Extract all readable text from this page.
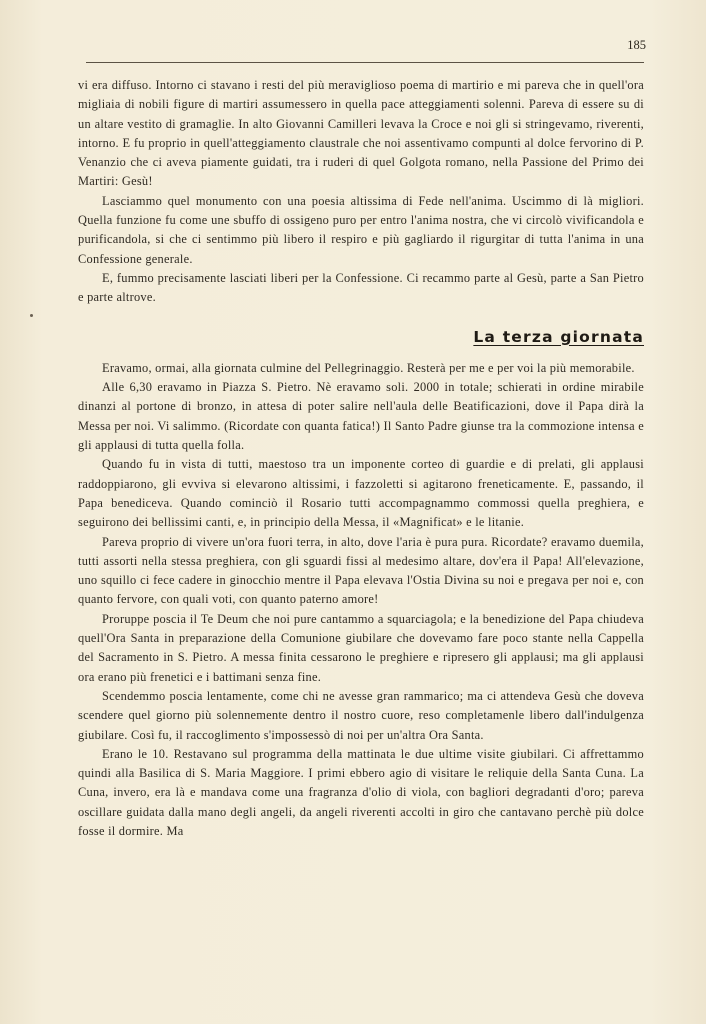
185

vi era diffuso. Intorno ci stavano i resti del più meraviglioso poema di martirio e mi pareva che in quell'ora migliaia di nobili figure di martiri assumessero in quella pace atteggiamenti solenni. Pareva di essere su di un altare vestito di gramaglie. In alto Giovanni Camilleri levava la Croce e noi gli si stringevamo, riverenti, intorno. E fu proprio in quell'atteggiamento claustrale che noi assentivamo compunti al dolce fervorino di P. Venanzio che ci aveva piamente guidati, tra i ruderi di quel Golgota romano, nella Passione del Primo dei Martiri: Gesù!

Lasciammo quel monumento con una poesia altissima di Fede nell'anima. Uscimmo di là migliori. Quella funzione fu come une sbuffo di ossigeno puro per entro l'anima nostra, che vi circolò vivificandola e purificandola, si che ci sentimmo più libero il respiro e più gagliardo il rigurgitar di tutta l'anima in una Confessione generale.

E, fummo precisamente lasciati liberi per la Confessione. Ci recammo parte al Gesù, parte a San Pietro e parte altrove.

La terza giornata

Eravamo, ormai, alla giornata culmine del Pellegrinaggio. Resterà per me e per voi la più memorabile.

Alle 6,30 eravamo in Piazza S. Pietro. Nè eravamo soli. 2000 in totale; schierati in ordine mirabile dinanzi al portone di bronzo, in attesa di poter salire nell'aula delle Beatificazioni, dove il Papa dirà la Messa per noi. Vi salimmo. (Ricordate con quanta fatica!) Il Santo Padre giunse tra la commozione intensa e gli applausi di tutta quella folla.

Quando fu in vista di tutti, maestoso tra un imponente corteo di guardie e di prelati, gli applausi raddoppiarono, gli evviva si elevarono altissimi, i fazzoletti si agitarono freneticamente. E, passando, il Papa benediceva. Quando cominciò il Rosario tutti accompagnammo commossi quella preghiera, e seguirono dei bellissimi canti, e, in principio della Messa, il «Magnificat» e le litanie.

Pareva proprio di vivere un'ora fuori terra, in alto, dove l'aria è pura pura. Ricordate? eravamo duemila, tutti assorti nella stessa preghiera, con gli sguardi fissi al medesimo altare, dov'era il Papa! All'elevazione, uno squillo ci fece cadere in ginocchio mentre il Papa elevava l'Ostia Divina su noi e pregava per noi e, con quanto fervore, con quali voti, con quanto paterno amore!

Proruppe poscia il Te Deum che noi pure cantammo a squarciagola; e la benedizione del Papa chiudeva quell'Ora Santa in preparazione della Comunione giubilare che dovevamo fare poco stante nella Cappella del Sacramento in S. Pietro. A messa finita cessarono le preghiere e ripresero gli applausi; ma gli applausi ora erano più frenetici e i battimani senza fine.

Scendemmo poscia lentamente, come chi ne avesse gran rammarico; ma ci attendeva Gesù che doveva scendere quel giorno più solennemente dentro il nostro cuore, reso completamenle libero dall'indulgenza giubilare. Così fu, il raccoglimento s'impossessò di noi per un'altra Ora Santa.

Erano le 10. Restavano sul programma della mattinata le due ultime visite giubilari. Ci affrettammo quindi alla Basilica di S. Maria Maggiore. I primi ebbero agio di visitare le reliquie della Santa Cuna. La Cuna, invero, era là e mandava come una fragranza d'olio di viola, con bagliori degradanti d'oro; pareva oscillare guidata dalla mano degli angeli, da angeli riverenti accolti in giro che cantavano perchè più dolce fosse il dormire. Ma
